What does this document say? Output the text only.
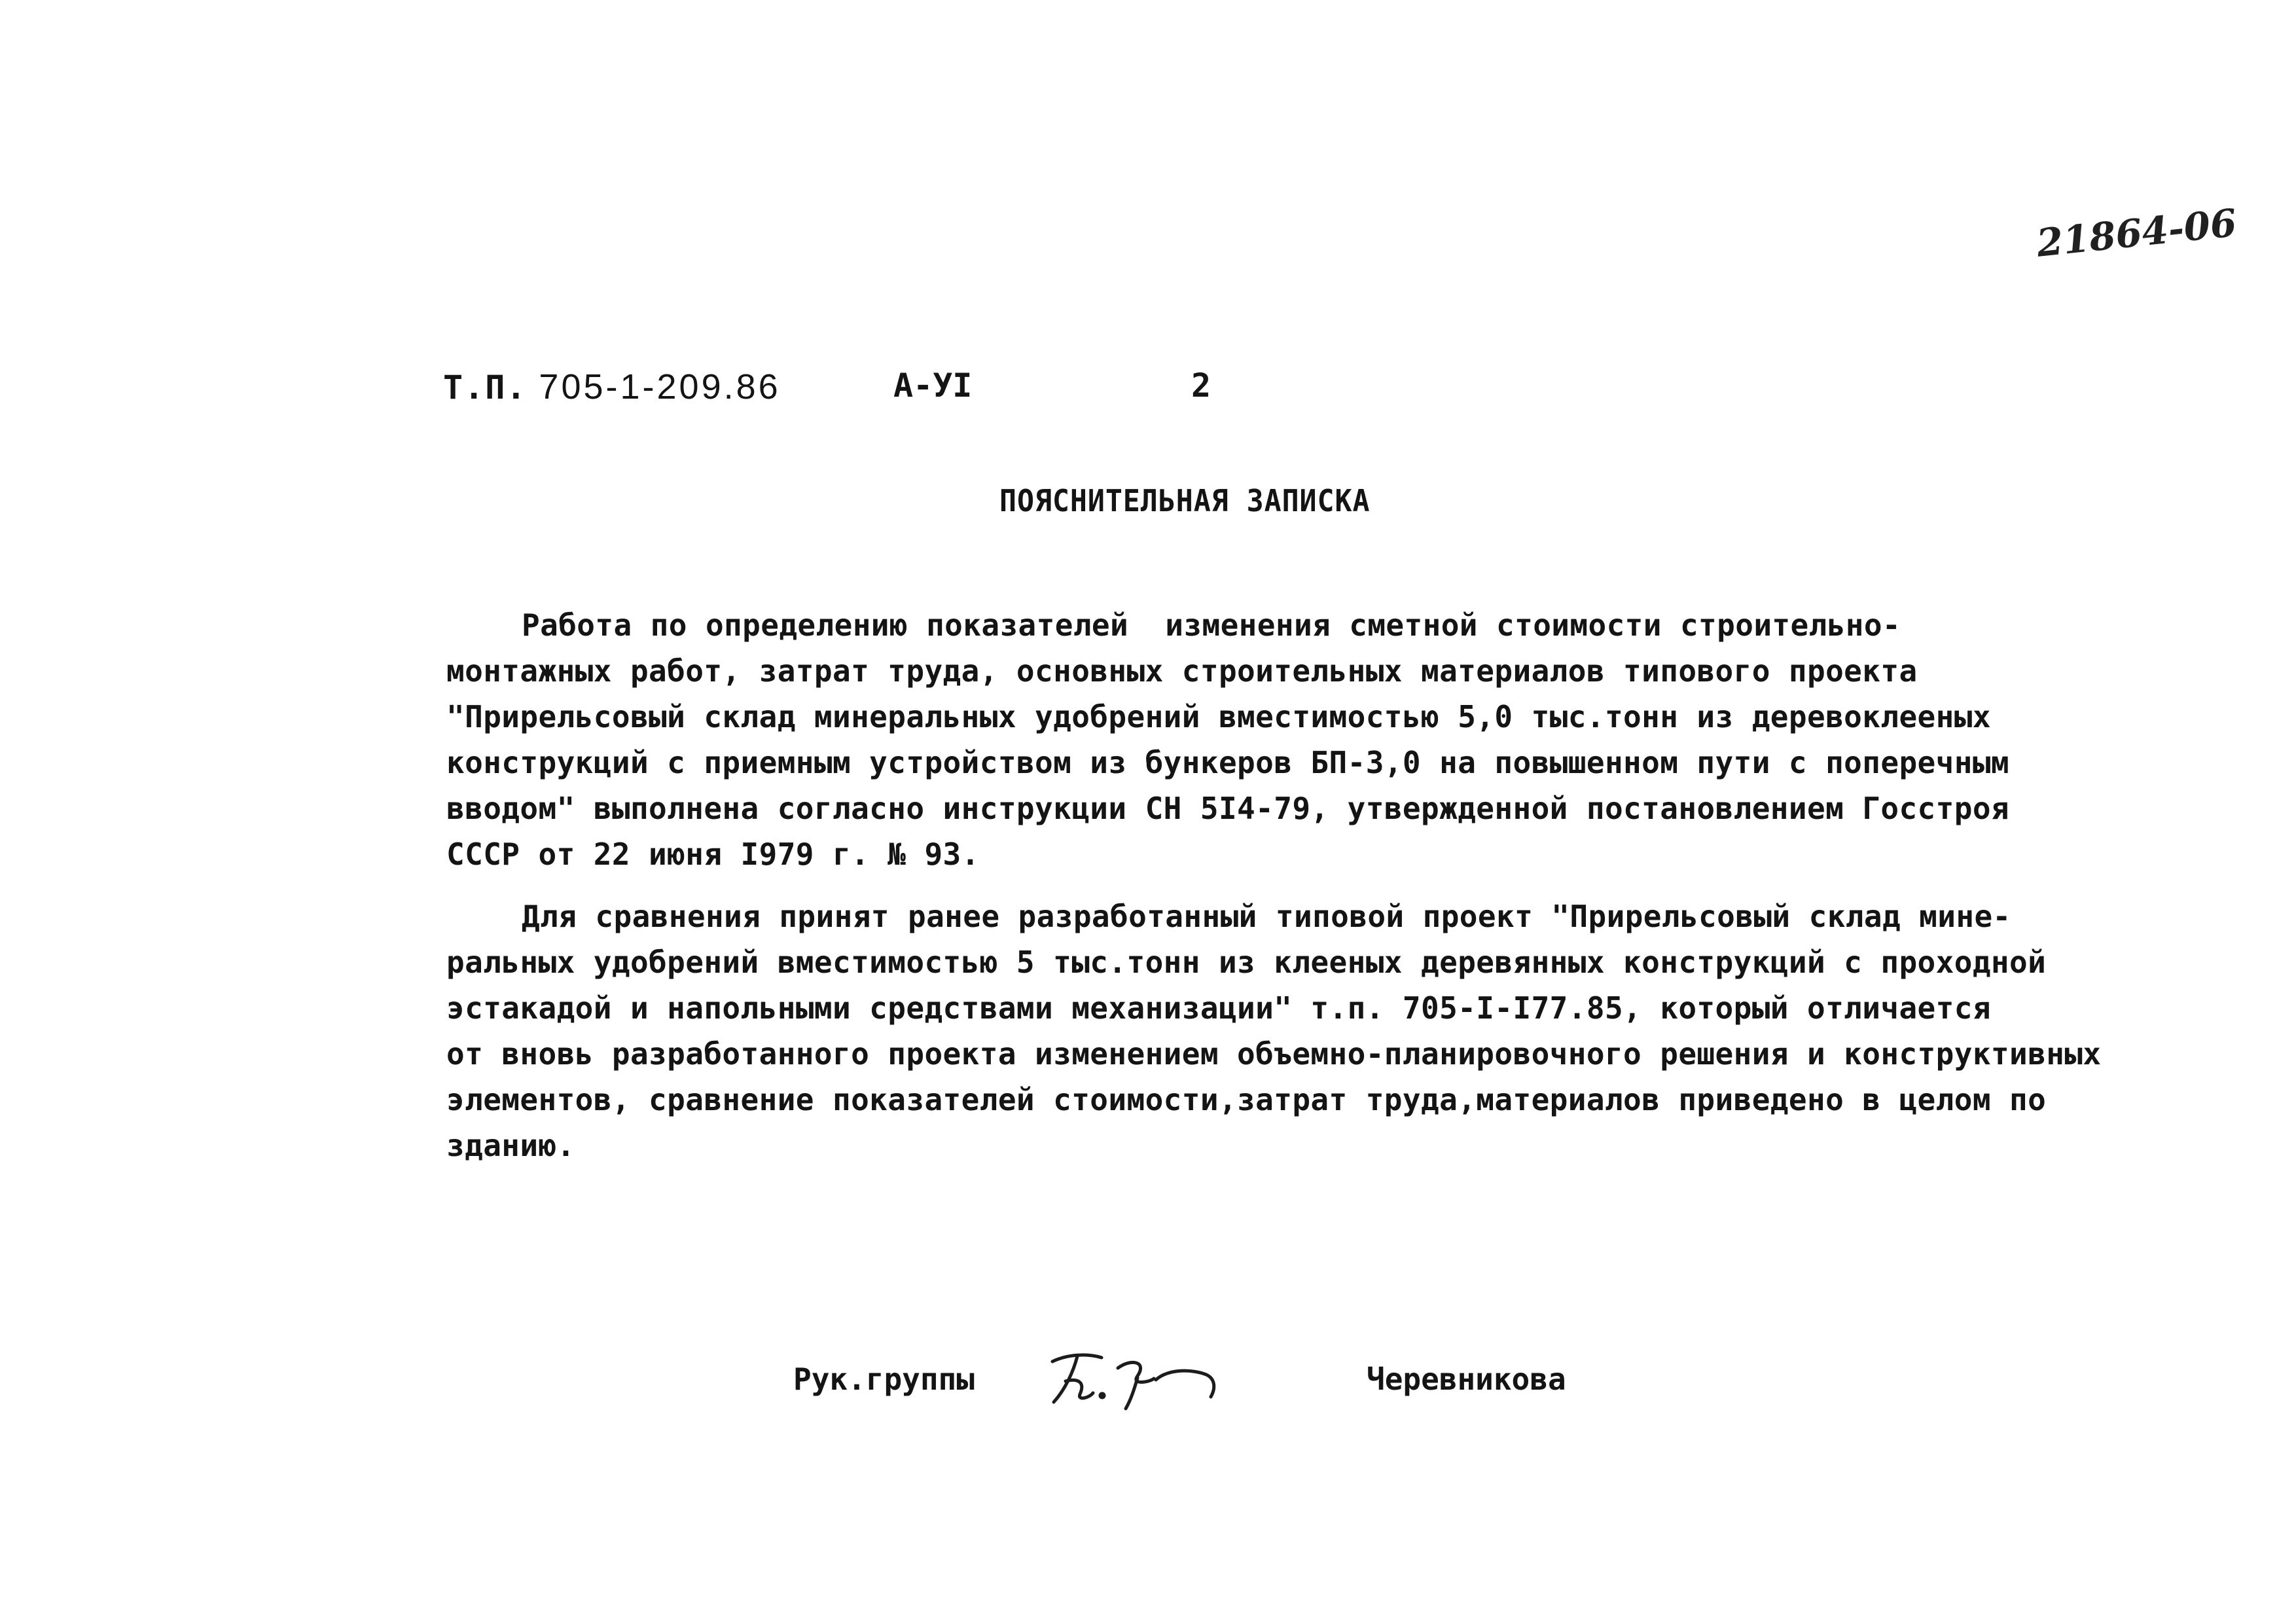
21864-06
Т.П. 705-1-209.86	А-УI	2
ПОЯСНИТЕЛЬНАЯ ЗАПИСКА
Работа по определению показателей  изменения сметной стоимости строительно-
монтажных работ, затрат труда, основных строительных материалов типового проекта
"Прирельсовый склад минеральных удобрений вместимостью 5,0 тыс.тонн из деревоклееных
конструкций с приемным устройством из бункеров БП-3,0 на повышенном пути с поперечным
вводом" выполнена согласно инструкции СН 5I4-79, утвержденной постановлением Госстроя
СССР от 22 июня I979 г. № 93.
Для сравнения принят ранее разработанный типовой проект "Прирельсовый склад мине-
ральных удобрений вместимостью 5 тыс.тонн из клееных деревянных конструкций с проходной
эстакадой и напольными средствами механизации" т.п. 705-I-I77.85, который отличается
от вновь разработанного проекта изменением объемно-планировочного решения и конструктивных
элементов, сравнение показателей стоимости,затрат труда,материалов приведено в целом по
зданию.
Рук.группы	Черевникова
